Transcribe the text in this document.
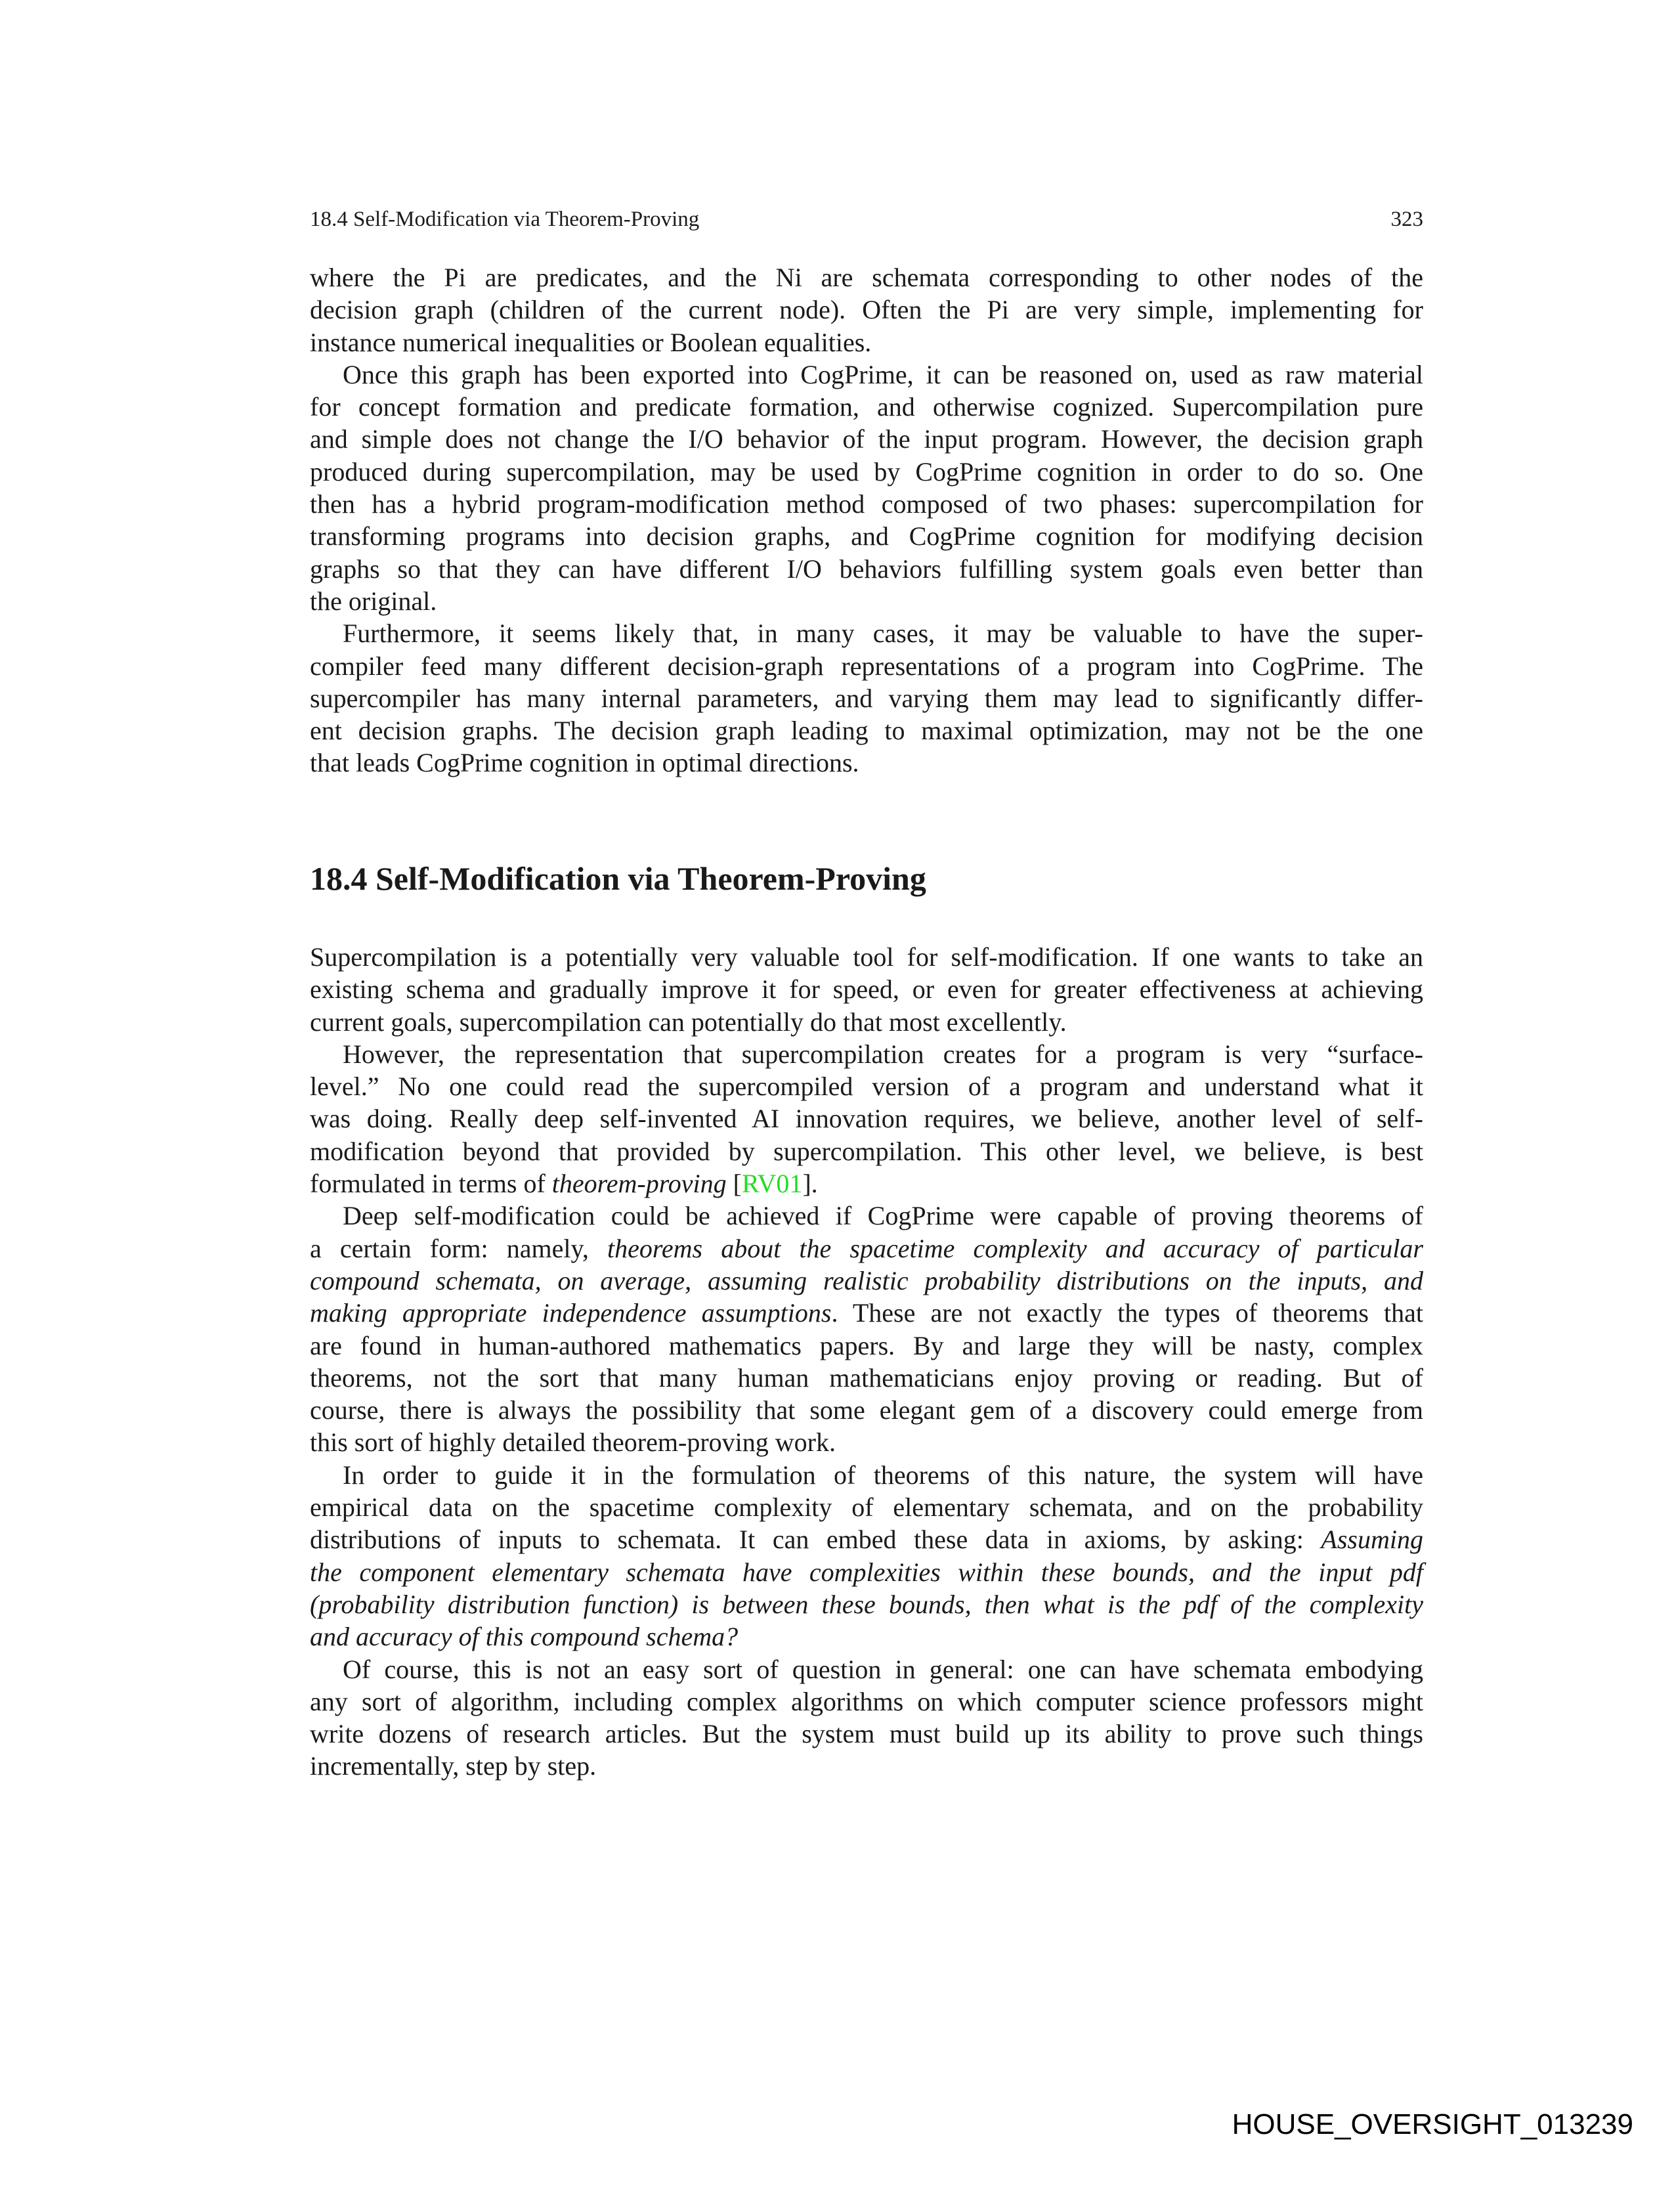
18.4 Self-Modification via Theorem-Proving	323
where the Pi are predicates, and the Ni are schemata corresponding to other nodes of the
decision graph (children of the current node). Often the Pi are very simple, implementing for
instance numerical inequalities or Boolean equalities.
Once this graph has been exported into CogPrime, it can be reasoned on, used as raw material
for concept formation and predicate formation, and otherwise cognized. Supercompilation pure
and simple does not change the I/O behavior of the input program. However, the decision graph
produced during supercompilation, may be used by CogPrime cognition in order to do so. One
then has a hybrid program-modification method composed of two phases: supercompilation for
transforming programs into decision graphs, and CogPrime cognition for modifying decision
graphs so that they can have different I/O behaviors fulfilling system goals even better than
the original.
Furthermore, it seems likely that, in many cases, it may be valuable to have the super-
compiler feed many different decision-graph representations of a program into CogPrime. The
supercompiler has many internal parameters, and varying them may lead to significantly differ-
ent decision graphs. The decision graph leading to maximal optimization, may not be the one
that leads CogPrime cognition in optimal directions.
18.4 Self-Modification via Theorem-Proving
Supercompilation is a potentially very valuable tool for self-modification. If one wants to take an
existing schema and gradually improve it for speed, or even for greater effectiveness at achieving
current goals, supercompilation can potentially do that most excellently.
However, the representation that supercompilation creates for a program is very “surface-
level.” No one could read the supercompiled version of a program and understand what it
was doing. Really deep self-invented AI innovation requires, we believe, another level of self-
modification beyond that provided by supercompilation. This other level, we believe, is best
formulated in terms of theorem-proving [RV01].
Deep self-modification could be achieved if CogPrime were capable of proving theorems of
a certain form: namely, theorems about the spacetime complexity and accuracy of particular
compound schemata, on average, assuming realistic probability distributions on the inputs, and
making appropriate independence assumptions. These are not exactly the types of theorems that
are found in human-authored mathematics papers. By and large they will be nasty, complex
theorems, not the sort that many human mathematicians enjoy proving or reading. But of
course, there is always the possibility that some elegant gem of a discovery could emerge from
this sort of highly detailed theorem-proving work.
In order to guide it in the formulation of theorems of this nature, the system will have
empirical data on the spacetime complexity of elementary schemata, and on the probability
distributions of inputs to schemata. It can embed these data in axioms, by asking: Assuming
the component elementary schemata have complexities within these bounds, and the input pdf
(probability distribution function) is between these bounds, then what is the pdf of the complexity
and accuracy of this compound schema?
Of course, this is not an easy sort of question in general: one can have schemata embodying
any sort of algorithm, including complex algorithms on which computer science professors might
write dozens of research articles. But the system must build up its ability to prove such things
incrementally, step by step.
HOUSE_OVERSIGHT_013239
